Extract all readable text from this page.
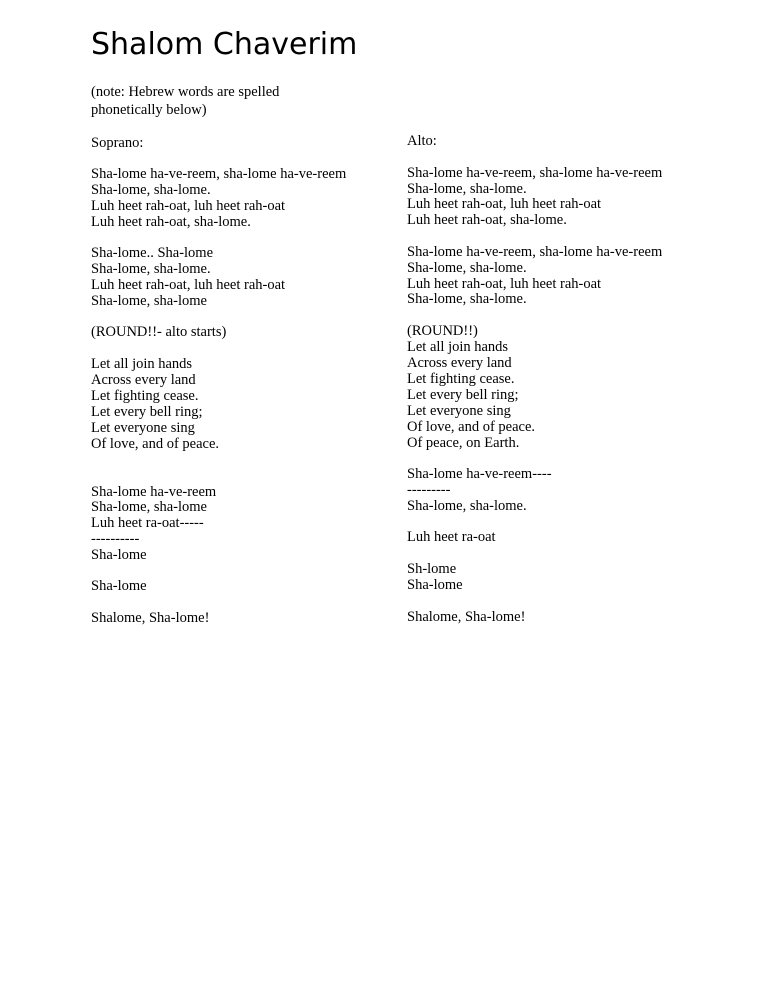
Shalom Chaverim
(note: Hebrew words are spelled phonetically below)
Soprano:
Sha-lome ha-ve-reem, sha-lome ha-ve-reem
Sha-lome, sha-lome.
Luh heet rah-oat, luh heet rah-oat
Luh heet rah-oat, sha-lome.
Sha-lome.. Sha-lome
Sha-lome, sha-lome.
Luh heet rah-oat, luh heet rah-oat
Sha-lome, sha-lome
(ROUND!!- alto starts)
Let all join hands
Across every land
Let fighting cease.
Let every bell ring;
Let everyone sing
Of love, and of peace.
Sha-lome ha-ve-reem
Sha-lome, sha-lome
Luh heet ra-oat-----
----------
Sha-lome
Sha-lome
Shalome, Sha-lome!
Alto:
Sha-lome ha-ve-reem, sha-lome ha-ve-reem
Sha-lome, sha-lome.
Luh heet rah-oat, luh heet rah-oat
Luh heet rah-oat, sha-lome.
Sha-lome ha-ve-reem, sha-lome ha-ve-reem
Sha-lome, sha-lome.
Luh heet rah-oat, luh heet rah-oat
Sha-lome, sha-lome.
(ROUND!!)
Let all join hands
Across every land
Let fighting cease.
Let every bell ring;
Let everyone sing
Of love, and of peace.
Of peace, on Earth.
Sha-lome ha-ve-reem----
---------
Sha-lome, sha-lome.
Luh heet ra-oat
Sh-lome
Sha-lome
Shalome, Sha-lome!
